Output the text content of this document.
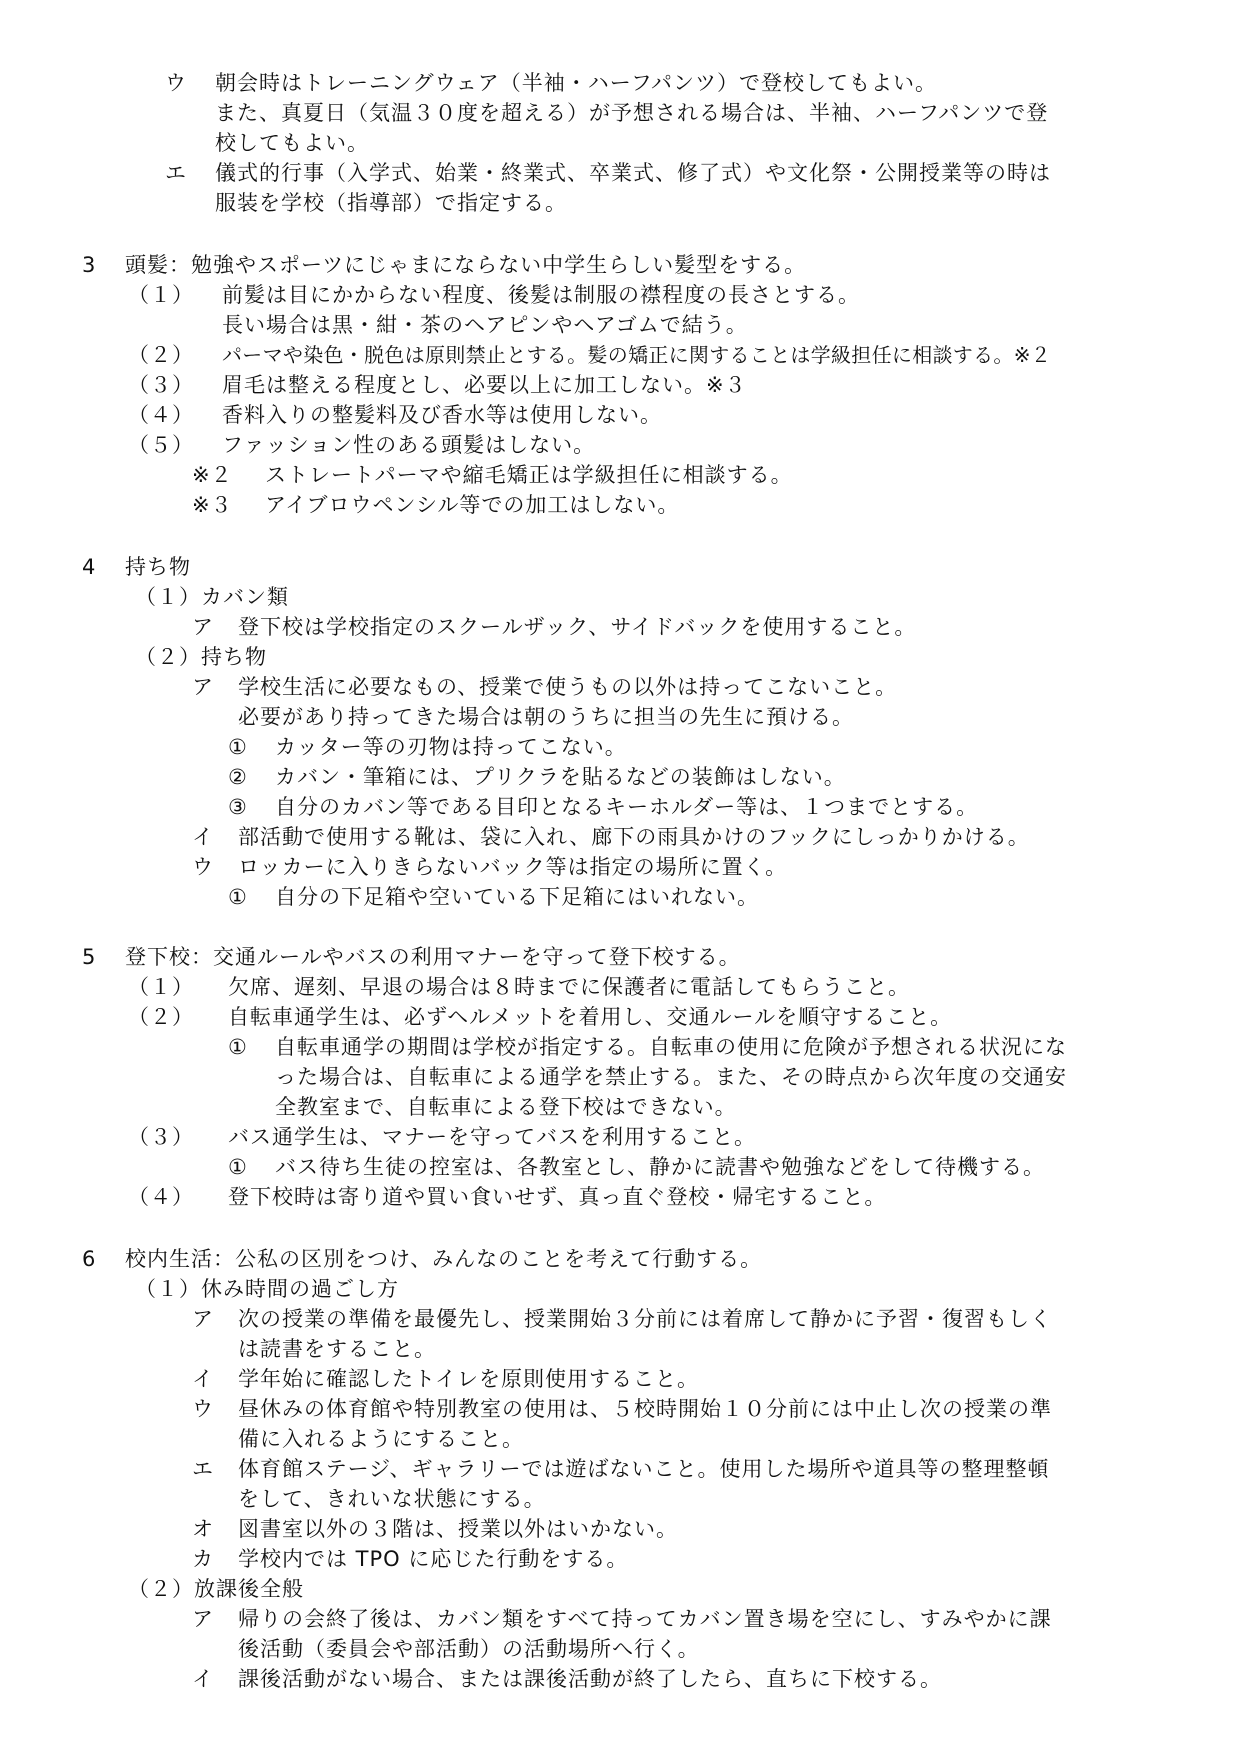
ウ 朝会時はトレーニングウェア（半袖・ハーフパンツ）で登校してもよい。
また、真夏日（気温３０度を超える）が予想される場合は、半袖、ハーフパンツで登
校してもよい。
エ 儀式的行事（入学式、始業・終業式、卒業式、修了式）や文化祭・公開授業等の時は
服装を学校（指導部）で指定する。
3 頭髪：勉強やスポーツにじゃまにならない中学生らしい髪型をする。
（１） 前髪は目にかからない程度、後髪は制服の襟程度の長さとする。
長い場合は黒・紺・茶のヘアピンやヘアゴムで結う。
（２） パーマや染色・脱色は原則禁止とする。髪の矯正に関することは学級担任に相談する。※２
（３） 眉毛は整える程度とし、必要以上に加工しない。※３
（４） 香料入りの整髪料及び香水等は使用しない。
（５） ファッション性のある頭髪はしない。
※２ ストレートパーマや縮毛矯正は学級担任に相談する。
※３ アイブロウペンシル等での加工はしない。
4 持ち物
（１）カバン類
ア 登下校は学校指定のスクールザック、サイドバックを使用すること。
（２）持ち物
ア 学校生活に必要なもの、授業で使うもの以外は持ってこないこと。
必要があり持ってきた場合は朝のうちに担当の先生に預ける。
① カッター等の刃物は持ってこない。
② カバン・筆箱には、プリクラを貼るなどの装飾はしない。
③ 自分のカバン等である目印となるキーホルダー等は、１つまでとする。
イ 部活動で使用する靴は、袋に入れ、廊下の雨具かけのフックにしっかりかける。
ウ ロッカーに入りきらないバック等は指定の場所に置く。
① 自分の下足箱や空いている下足箱にはいれない。
5 登下校：交通ルールやバスの利用マナーを守って登下校する。
（１） 欠席、遅刻、早退の場合は８時までに保護者に電話してもらうこと。
（２） 自転車通学生は、必ずヘルメットを着用し、交通ルールを順守すること。
① 自転車通学の期間は学校が指定する。自転車の使用に危険が予想される状況にな
った場合は、自転車による通学を禁止する。また、その時点から次年度の交通安
全教室まで、自転車による登下校はできない。
（３） バス通学生は、マナーを守ってバスを利用すること。
① バス待ち生徒の控室は、各教室とし、静かに読書や勉強などをして待機する。
（４） 登下校時は寄り道や買い食いせず、真っ直ぐ登校・帰宅すること。
6 校内生活：公私の区別をつけ、みんなのことを考えて行動する。
（１）休み時間の過ごし方
ア 次の授業の準備を最優先し、授業開始３分前には着席して静かに予習・復習もしく
は読書をすること。
イ 学年始に確認したトイレを原則使用すること。
ウ 昼休みの体育館や特別教室の使用は、５校時開始１０分前には中止し次の授業の準
備に入れるようにすること。
エ 体育館ステージ、ギャラリーでは遊ばないこと。使用した場所や道具等の整理整頓
をして、きれいな状態にする。
オ 図書室以外の３階は、授業以外はいかない。
カ 学校内では TPO に応じた行動をする。
（２）放課後全般
ア 帰りの会終了後は、カバン類をすべて持ってカバン置き場を空にし、すみやかに課
後活動（委員会や部活動）の活動場所へ行く。
イ 課後活動がない場合、または課後活動が終了したら、直ちに下校する。
